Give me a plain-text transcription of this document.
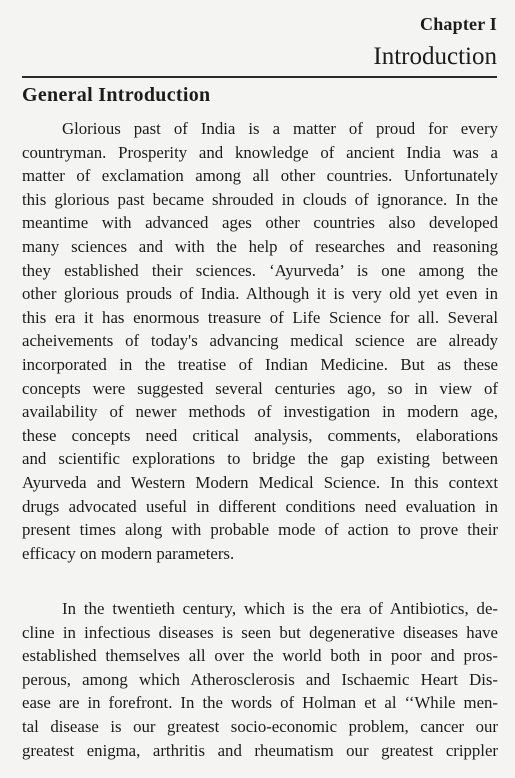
Chapter I
Introduction
General Introduction
Glorious past of India is a matter of proud for every
countryman. Prosperity and knowledge of ancient India was a
matter of exclamation among all other countries. Unfortunately
this glorious past became shrouded in clouds of ignorance. In the
meantime with advanced ages other countries also developed
many sciences and with the help of researches and reasoning
they established their sciences. ‘Ayurveda’ is one among the
other glorious prouds of India. Although it is very old yet even in
this era it has enormous treasure of Life Science for all. Several
acheivements of today's advancing medical science are already
incorporated in the treatise of Indian Medicine. But as these
concepts were suggested several centuries ago, so in view of
availability of newer methods of investigation in modern age,
these concepts need critical analysis, comments, elaborations
and scientific explorations to bridge the gap existing between
Ayurveda and Western Modern Medical Science. In this context
drugs advocated useful in different conditions need evaluation in
present times along with probable mode of action to prove their
efficacy on modern parameters.
In the twentieth century, which is the era of Antibiotics, de-
cline in infectious diseases is seen but degenerative diseases have
established themselves all over the world both in poor and pros-
perous, among which Atherosclerosis and Ischaemic Heart Dis-
ease are in forefront. In the words of Holman et al ‘‘While men-
tal disease is our greatest socio-economic problem, cancer our
greatest enigma, arthritis and rheumatism our greatest crippler
